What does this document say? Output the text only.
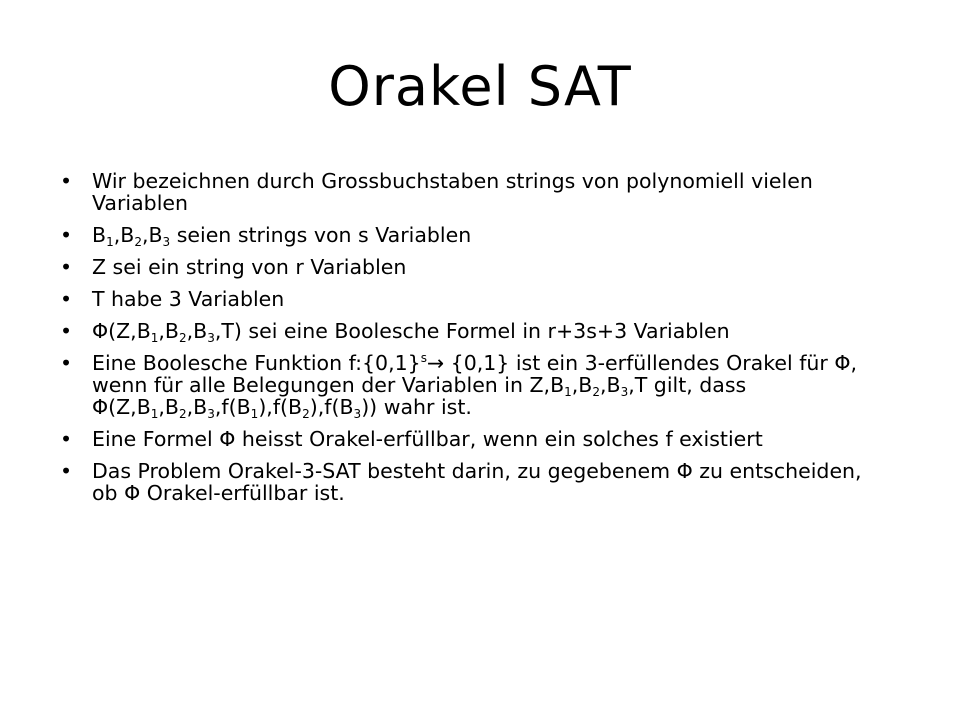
Orakel SAT
• Wir bezeichnen durch Grossbuchstaben strings von polynomiell vielen Variablen
• $B_1,B_2,B_3$ seien strings von s Variablen
• Z sei ein string von r Variablen
• T habe 3 Variablen
• $\Phi(Z,B_1,B_2,B_3,T)$ sei eine Boolesche Formel in r+3s+3 Variablen
• Eine Boolesche Funktion $f:\{0,1\}^s\to \{0,1\}$ ist ein 3-erfüllendes Orakel für Φ, wenn für alle Belegungen der Variablen in $Z,B_1,B_2,B_3,T$ gilt, dass $\Phi(Z,B_1,B_2,B_3,f(B_1),f(B_2),f(B_3))$ wahr ist.
• Eine Formel Φ heisst Orakel-erfüllbar, wenn ein solches f existiert
• Das Problem Orakel-3-SAT besteht darin, zu gegebenem Φ zu entscheiden, ob Φ Orakel-erfüllbar ist.
